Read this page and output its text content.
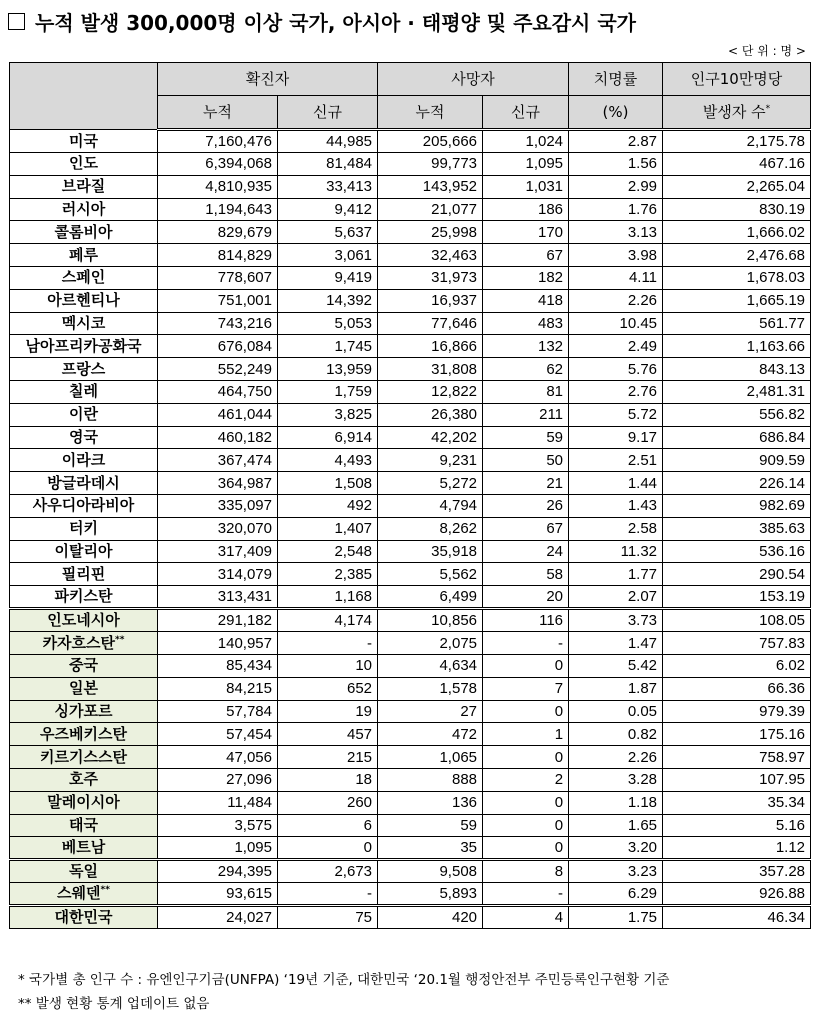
누적 발생 300,000명 이상 국가, 아시아 · 태평양 및 주요감시 국가
< 단 위 : 명 >
	확진자		사망자		치명률	인구10만명당
	누적	신규	누적	신규	(%)	발생자 수*
미국	7,160,476	44,985	205,666	1,024	2.87	2,175.78
인도	6,394,068	81,484	99,773	1,095	1.56	467.16
브라질	4,810,935	33,413	143,952	1,031	2.99	2,265.04
러시아	1,194,643	9,412	21,077	186	1.76	830.19
콜롬비아	829,679	5,637	25,998	170	3.13	1,666.02
페루	814,829	3,061	32,463	67	3.98	2,476.68
스페인	778,607	9,419	31,973	182	4.11	1,678.03
아르헨티나	751,001	14,392	16,937	418	2.26	1,665.19
멕시코	743,216	5,053	77,646	483	10.45	561.77
남아프리카공화국	676,084	1,745	16,866	132	2.49	1,163.66
프랑스	552,249	13,959	31,808	62	5.76	843.13
칠레	464,750	1,759	12,822	81	2.76	2,481.31
이란	461,044	3,825	26,380	211	5.72	556.82
영국	460,182	6,914	42,202	59	9.17	686.84
이라크	367,474	4,493	9,231	50	2.51	909.59
방글라데시	364,987	1,508	5,272	21	1.44	226.14
사우디아라비아	335,097	492	4,794	26	1.43	982.69
터키	320,070	1,407	8,262	67	2.58	385.63
이탈리아	317,409	2,548	35,918	24	11.32	536.16
필리핀	314,079	2,385	5,562	58	1.77	290.54
파키스탄	313,431	1,168	6,499	20	2.07	153.19
인도네시아	291,182	4,174	10,856	116	3.73	108.05
카자흐스탄**	140,957	-	2,075	-	1.47	757.83
중국	85,434	10	4,634	0	5.42	6.02
일본	84,215	652	1,578	7	1.87	66.36
싱가포르	57,784	19	27	0	0.05	979.39
우즈베키스탄	57,454	457	472	1	0.82	175.16
키르기스스탄	47,056	215	1,065	0	2.26	758.97
호주	27,096	18	888	2	3.28	107.95
말레이시아	11,484	260	136	0	1.18	35.34
태국	3,575	6	59	0	1.65	5.16
베트남	1,095	0	35	0	3.20	1.12
독일	294,395	2,673	9,508	8	3.23	357.28
스웨덴**	93,615	-	5,893	-	6.29	926.88
대한민국	24,027	75	420	4	1.75	46.34
* 국가별 총 인구 수 : 유엔인구기금(UNFPA) ‘19년 기준, 대한민국 ‘20.1월 행정안전부 주민등록인구현황 기준
** 발생 현황 통계 업데이트 없음
